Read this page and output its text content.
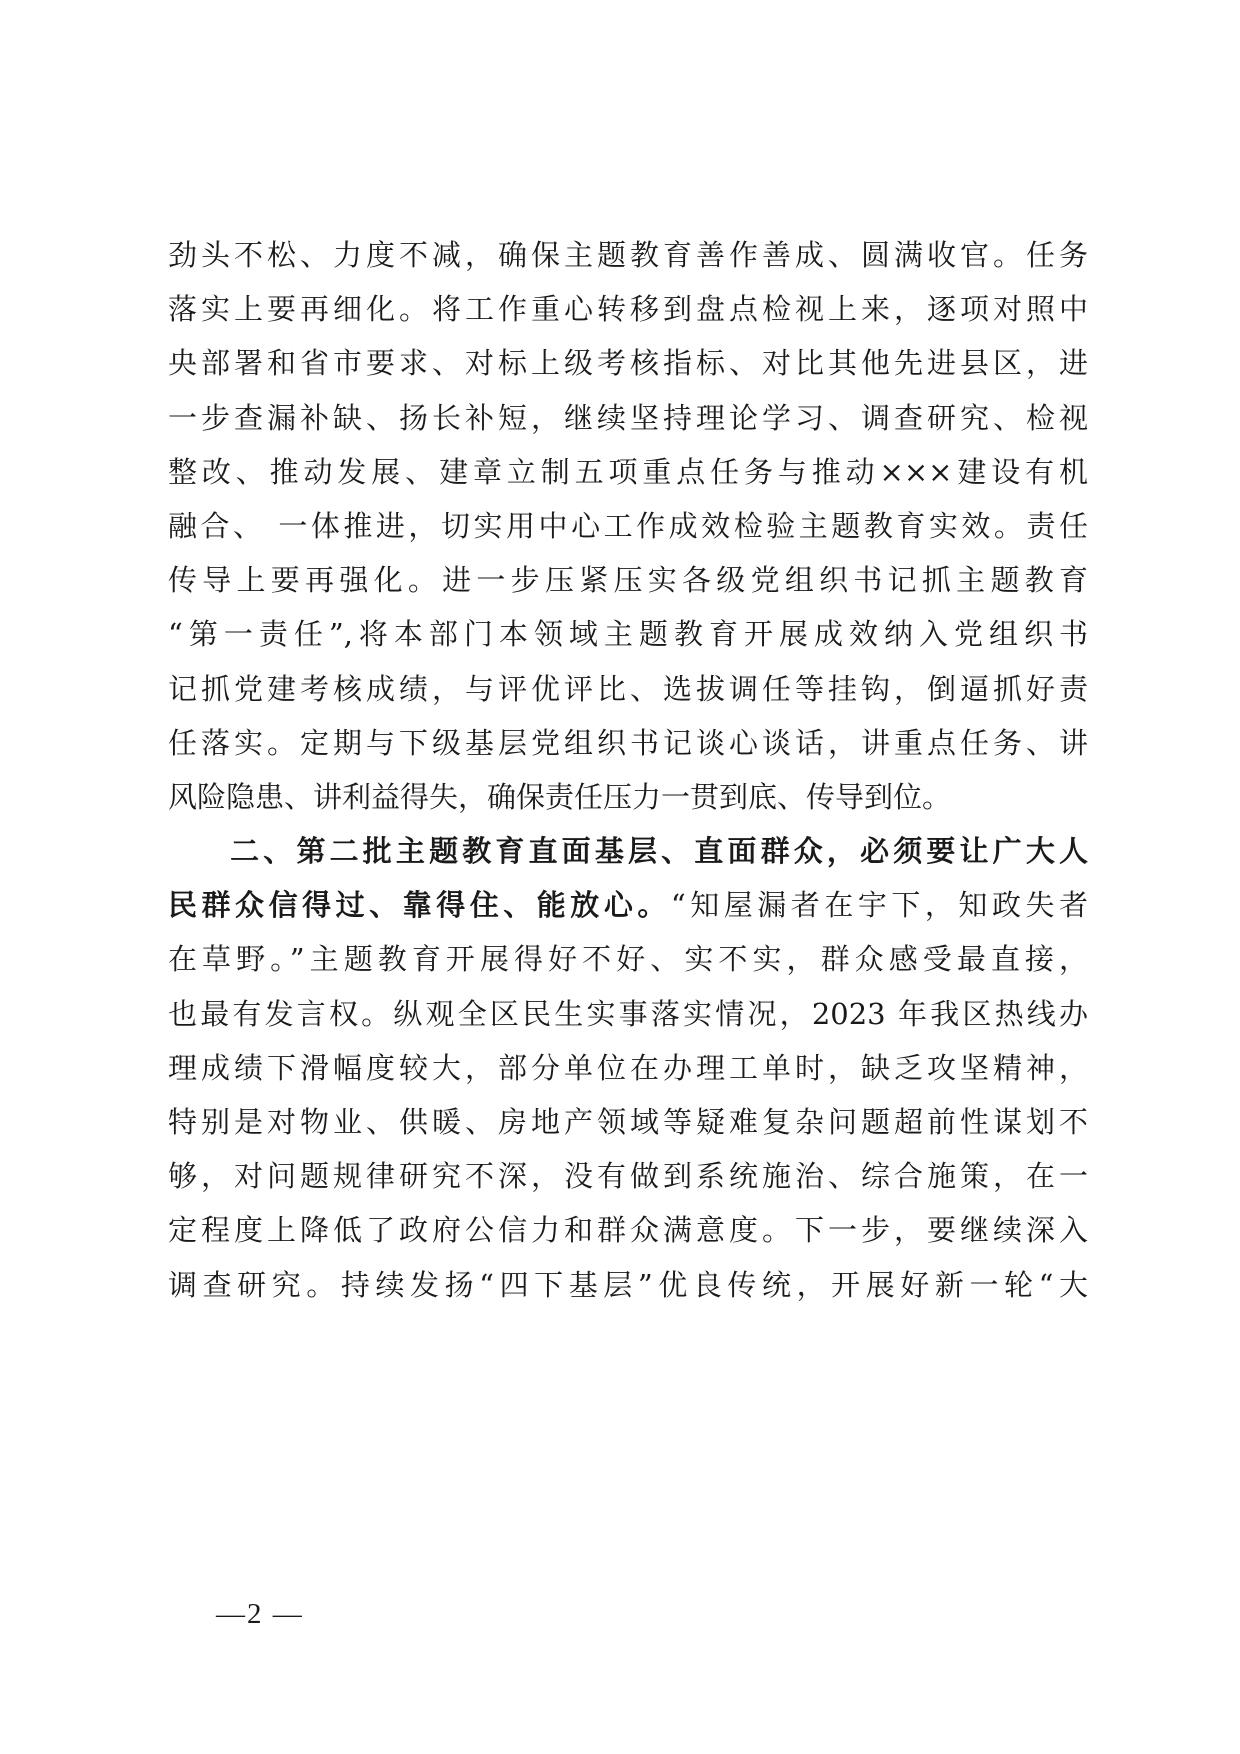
劲头不松、力度不减，确保主题教育善作善成、圆满收官。任务
落实上要再细化。将工作重心转移到盘点检视上来，逐项对照中
央部署和省市要求、对标上级考核指标、对比其他先进县区，进
一步查漏补缺、扬长补短，继续坚持理论学习、调查研究、检视
整改、推动发展、建章立制五项重点任务与推动×××建设有机
融合、 一体推进，切实用中心工作成效检验主题教育实效。责任
传导上要再强化。进一步压紧压实各级党组织书记抓主题教育
“第一责任”,将本部门本领域主题教育开展成效纳入党组织书
记抓党建考核成绩，与评优评比、选拔调任等挂钩，倒逼抓好责
任落实。定期与下级基层党组织书记谈心谈话，讲重点任务、讲
风险隐患、讲利益得失，确保责任压力一贯到底、传导到位。
二、第二批主题教育直面基层、直面群众，必须要让广大人
民群众信得过、靠得住、能放心。“知屋漏者在宇下，知政失者
在草野。”主题教育开展得好不好、实不实，群众感受最直接，
也最有发言权。纵观全区民生实事落实情况，2023 年我区热线办
理成绩下滑幅度较大，部分单位在办理工单时，缺乏攻坚精神，
特别是对物业、供暖、房地产领域等疑难复杂问题超前性谋划不
够，对问题规律研究不深，没有做到系统施治、综合施策，在一
定程度上降低了政府公信力和群众满意度。下一步，要继续深入
调查研究。持续发扬“四下基层”优良传统，开展好新一轮“大
—2 —
